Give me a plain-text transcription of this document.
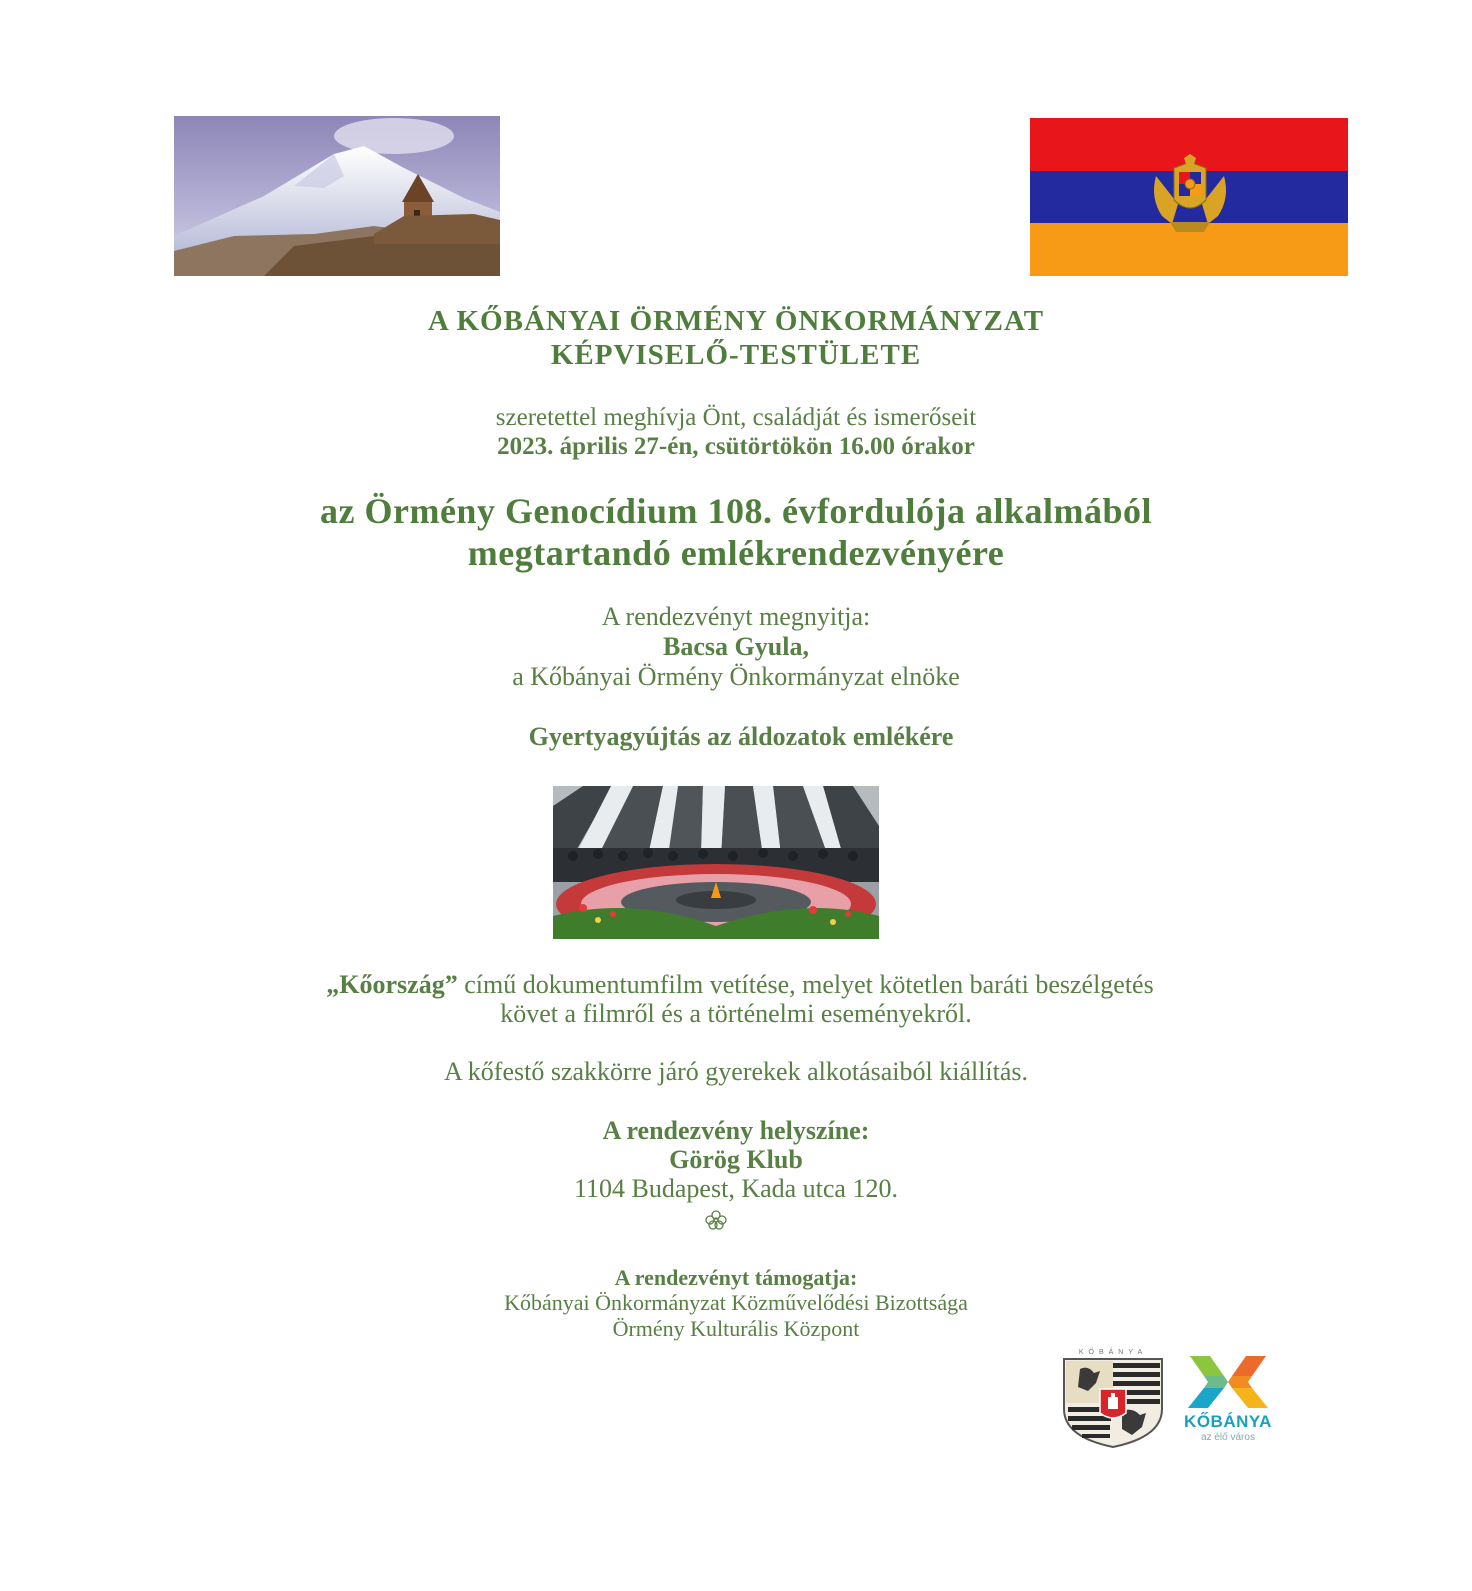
A KŐBÁNYAI ÖRMÉNY ÖNKORMÁNYZAT
KÉPVISELŐ-TESTÜLETE
szeretettel meghívja Önt, családját és ismerőseit
2023. április 27-én, csütörtökön 16.00 órakor
az Örmény Genocídium 108. évfordulója alkalmából
megtartandó emlékrendezvényére
A rendezvényt megnyitja:
Bacsa Gyula,
a Kőbányai Örmény Önkormányzat elnöke
Gyertyagyújtás az áldozatok emlékére
„Kőország” című dokumentumfilm vetítése, melyet kötetlen baráti beszélgetés
követ a filmről és a történelmi eseményekről.
A kőfestő szakkörre járó gyerekek alkotásaiból kiállítás.
A rendezvény helyszíne:
Görög Klub
1104 Budapest, Kada utca 120.
A rendezvényt támogatja:
Kőbányai Önkormányzat Közművelődési Bizottsága
Örmény Kulturális Központ
KŐBÁNYA
KŐBÁNYA
az élő város
